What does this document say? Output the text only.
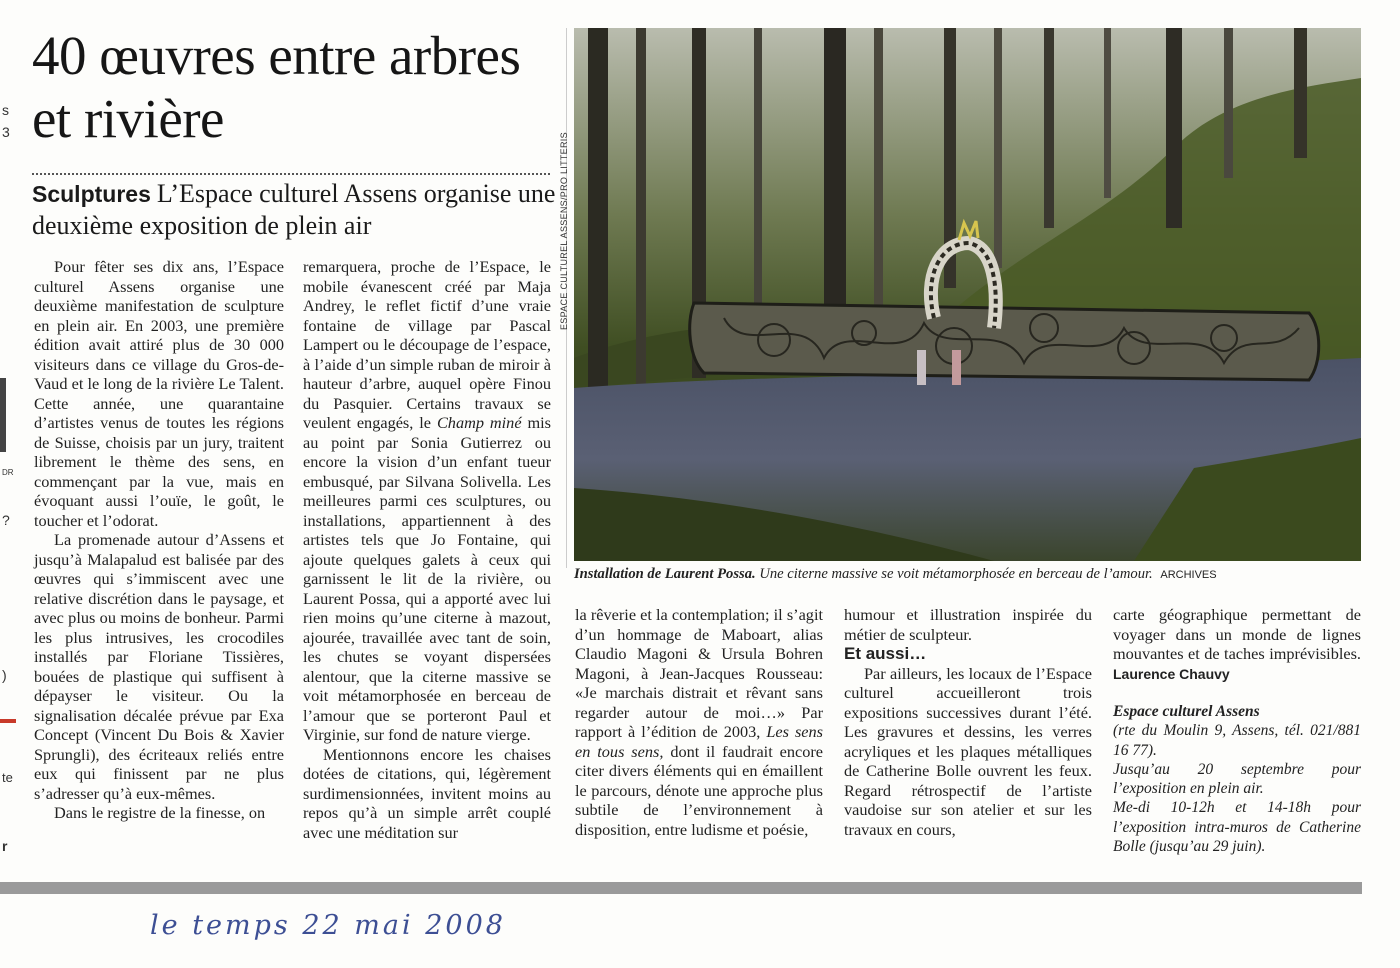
s
3
DR
?
)
te
r
40 œuvres entre arbres et rivière
Sculptures L’Espace culturel Assens organise une deuxième exposition de plein air

Pour fêter ses dix ans, l’Espace culturel Assens organise une deuxième manifestation de sculpture en plein air. En 2003, une première édition avait attiré plus de 30 000 visiteurs dans ce village du Gros-de-Vaud et le long de la rivière Le Talent. Cette année, une quarantaine d’artistes venus de toutes les régions de Suisse, choisis par un jury, traitent librement le thème des sens, en commençant par la vue, mais en évoquant aussi l’ouïe, le goût, le toucher et l’odorat.

La promenade autour d’Assens et jusqu’à Malapalud est balisée par des œuvres qui s’immiscent avec une relative discrétion dans le paysage, et avec plus ou moins de bonheur. Parmi les plus intrusives, les crocodiles installés par Floriane Tissières, bouées de plastique qui suffisent à dépayser le visiteur. Ou la signalisation décalée prévue par Exa Concept (Vincent Du Bois & Xavier Sprungli), des écriteaux reliés entre eux qui finissent par ne plus s’adresser qu’à eux-mêmes.

Dans le registre de la finesse, on

remarquera, proche de l’Espace, le mobile évanescent créé par Maja Andrey, le reflet fictif d’une vraie fontaine de village par Pascal Lampert ou le découpage de l’espace, à l’aide d’un simple ruban de miroir à hauteur d’arbre, auquel opère Finou du Pasquier. Certains travaux se veulent engagés, le Champ miné mis au point par Sonia Gutierrez ou encore la vision d’un enfant tueur embusqué, par Silvana Solivella. Les meilleures parmi ces sculptures, ou installations, appartiennent à des artistes tels que Jo Fontaine, qui ajoute quelques galets à ceux qui garnissent le lit de la rivière, ou Laurent Possa, qui a apporté avec lui rien moins qu’une citerne à mazout, ajourée, travaillée avec tant de soin, les chutes se voyant dispersées alentour, que la citerne massive se voit métamorphosée en berceau de l’amour que se porteront Paul et Virginie, sur fond de nature vierge.

Mentionnons encore les chaises dotées de citations, qui, légèrement surdimensionnées, invitent moins au repos qu’à un simple arrêt couplé avec une méditation sur

ESPACE CULTUREL ASSENS/PRO LITTERIS
Installation de Laurent Possa. Une citerne massive se voit métamorphosée en berceau de l’amour. ARCHIVES

la rêverie et la contemplation; il s’agit d’un hommage de Maboart, alias Claudio Magoni & Ursula Bohren Magoni, à Jean-Jacques Rousseau: «Je marchais distrait et rêvant sans regarder autour de moi…» Par rapport à l’édition de 2003, Les sens en tous sens, dont il faudrait encore citer divers éléments qui en émaillent le parcours, dénote une approche plus subtile de l’environnement à disposition, entre ludisme et poésie,

humour et illustration inspirée du métier de sculpteur.

Et aussi…

Par ailleurs, les locaux de l’Espace culturel accueilleront trois expositions successives durant l’été. Les gravures et dessins, les verres acryliques et les plaques métalliques de Catherine Bolle ouvrent les feux. Regard rétrospectif de l’artiste vaudoise sur son atelier et sur les travaux en cours,

carte géographique permettant de voyager dans un monde de lignes mouvantes et de taches imprévisibles. Laurence Chauvy

Espace culturel Assens
(rte du Moulin 9, Assens, tél. 021/881 16 77).
Jusqu’au 20 septembre pour l’exposition en plein air.
Me-di 10-12h et 14-18h pour l’exposition intra-muros de Catherine Bolle (jusqu’au 29 juin).
le temps 22 mai 2008
